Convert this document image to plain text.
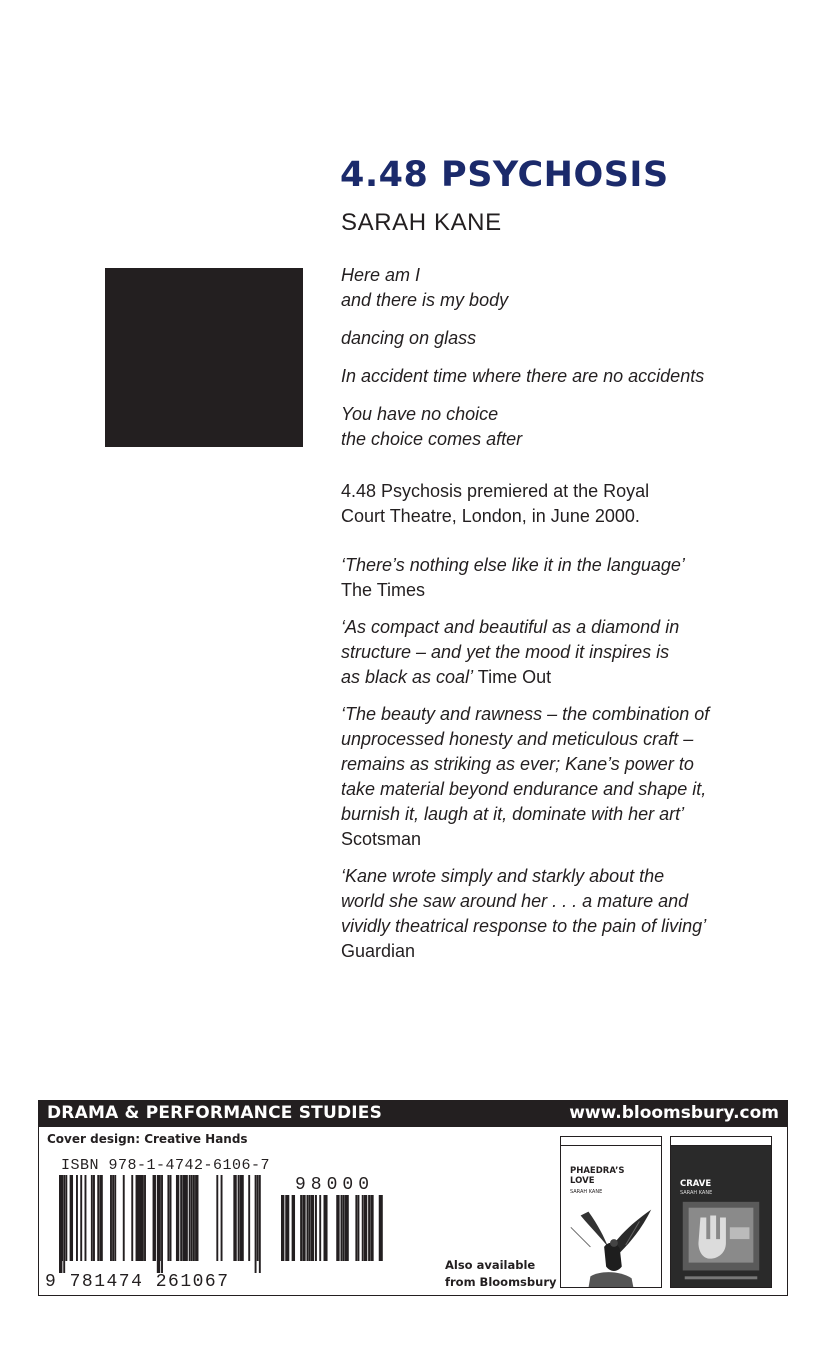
4.48 PSYCHOSIS
SARAH KANE

Here am I
and there is my body

dancing on glass

In accident time where there are no accidents

You have no choice
the choice comes after

4.48 Psychosis premiered at the Royal
Court Theatre, London, in June 2000.

‘There’s nothing else like it in the language’
The Times

‘As compact and beautiful as a diamond in
structure – and yet the mood it inspires is
as black as coal’ Time Out

‘The beauty and rawness – the combination of
unprocessed honesty and meticulous craft –
remains as striking as ever; Kane’s power to
take material beyond endurance and shape it,
burnish it, laugh at it, dominate with her art’
Scotsman

‘Kane wrote simply and starkly about the
world she saw around her . . . a mature and
vividly theatrical response to the pain of living’
Guardian

DRAMA & PERFORMANCE STUDIES	www.bloomsbury.com
Cover design: Creative Hands
ISBN 978-1-4742-6106-7
9 781474 261067
98000
Also available
from Bloomsbury
PHAEDRA’S
LOVE
SARAH KANE
CRAVE
SARAH KANE
